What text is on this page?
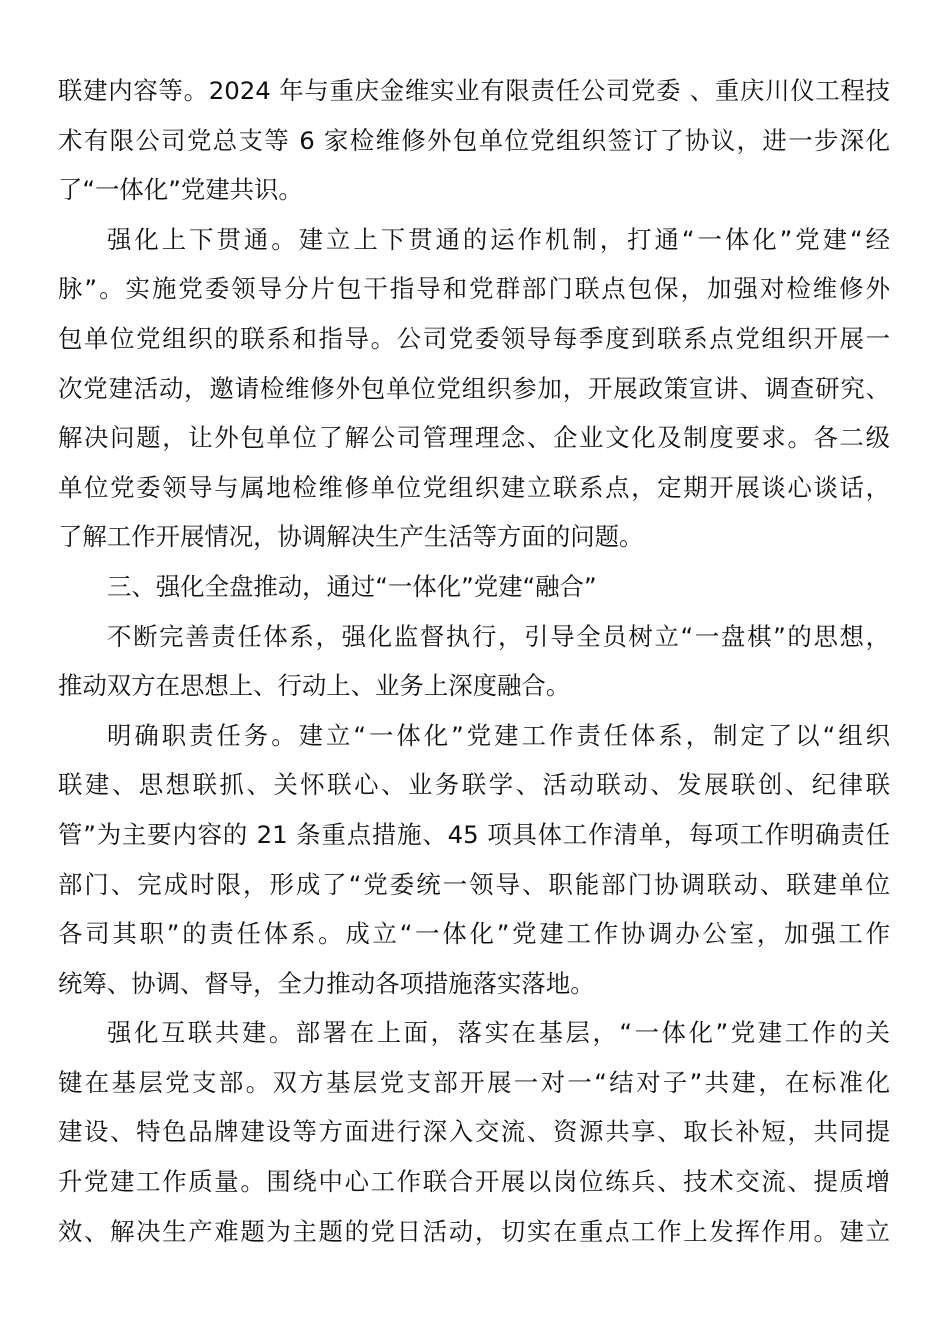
联建内容等。2024 年与重庆金维实业有限责任公司党委 、重庆川仪工程技
术有限公司党总支等 6 家检维修外包单位党组织签订了协议，进一步深化
了“一体化”党建共识。
强化上下贯通。建立上下贯通的运作机制，打通“一体化”党建“经
脉”。实施党委领导分片包干指导和党群部门联点包保，加强对检维修外
包单位党组织的联系和指导。公司党委领导每季度到联系点党组织开展一
次党建活动，邀请检维修外包单位党组织参加，开展政策宣讲、调查研究、
解决问题，让外包单位了解公司管理理念、企业文化及制度要求。各二级
单位党委领导与属地检维修单位党组织建立联系点，定期开展谈心谈话，
了解工作开展情况，协调解决生产生活等方面的问题。
三、强化全盘推动，通过“一体化”党建“融合”
不断完善责任体系，强化监督执行，引导全员树立“一盘棋”的思想，
推动双方在思想上、行动上、业务上深度融合。
明确职责任务。建立“一体化”党建工作责任体系，制定了以“组织
联建、思想联抓、关怀联心、业务联学、活动联动、发展联创、纪律联
管”为主要内容的 21 条重点措施、45 项具体工作清单，每项工作明确责任
部门、完成时限，形成了“党委统一领导、职能部门协调联动、联建单位
各司其职”的责任体系。成立“一体化”党建工作协调办公室，加强工作
统筹、协调、督导，全力推动各项措施落实落地。
强化互联共建。部署在上面，落实在基层，“一体化”党建工作的关
键在基层党支部。双方基层党支部开展一对一“结对子”共建，在标准化
建设、特色品牌建设等方面进行深入交流、资源共享、取长补短，共同提
升党建工作质量。围绕中心工作联合开展以岗位练兵、技术交流、提质增
效、解决生产难题为主题的党日活动，切实在重点工作上发挥作用。建立
